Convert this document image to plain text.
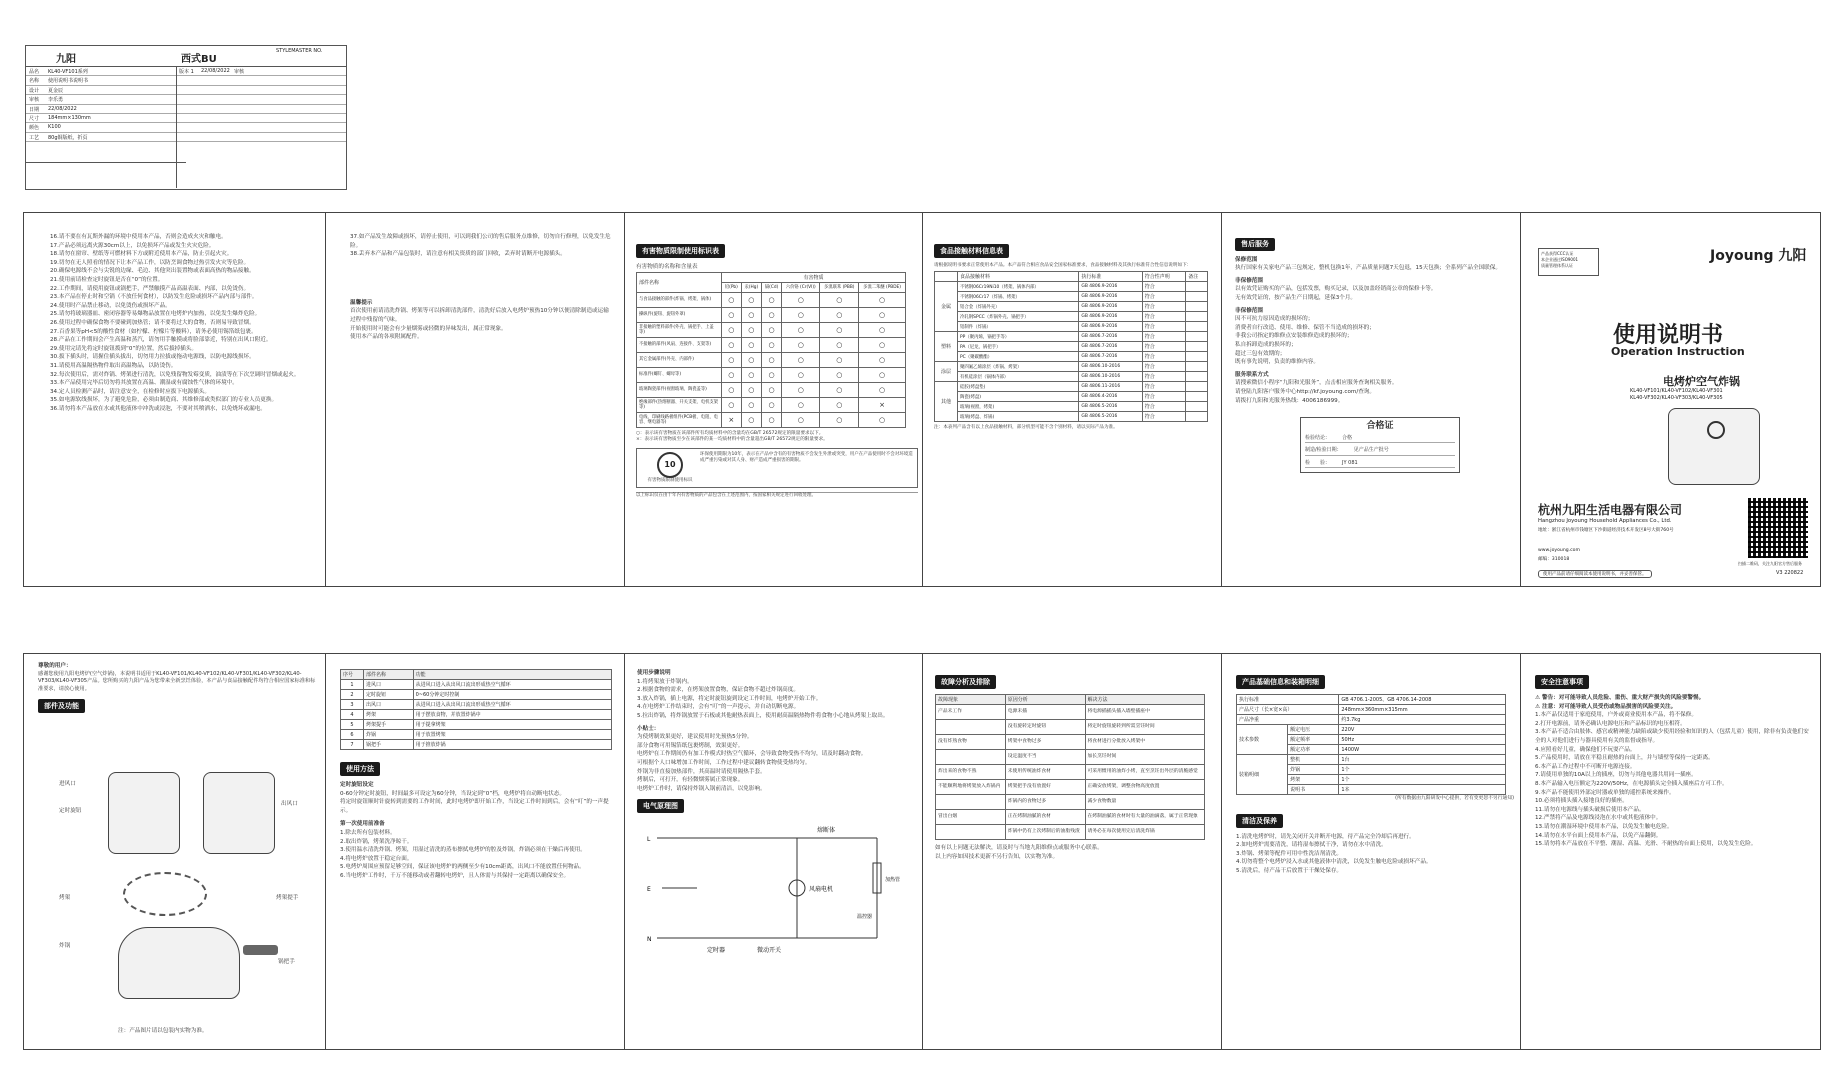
九阳	西式BU
STYLEMASTER NO.
品名 KL40-VF101系列	版本 1 22/08/2022 审核
名称 使用说明书说明书
设计 夏金辰
审核 李乐勇
日期 22/08/2022
尺寸 184mm×130mm
颜色 K100
工艺 80g铜版纸，折页

16.请不要在有瓦斯外漏的环境中使用本产品，否则会造成火灾和触电。

17.产品必须远离火源30cm以上，以免损坏产品或发生火灾危险。

18.请勿在窗帘、壁纸等可燃材料下方或附近使用本产品，防止引起火灾。

19.切勿在无人照看的情况下让本产品工作，以防烹调食物过热引发火灾等危险。

20.确保电源线不会与尖锐的边缘、毛边、其他突出装置物或表面高热的物品接触。

21.使用前请检查定时旋钮是否在“0”的位置。

22.工作期间，请使用旋钮或锅把手，严禁触摸产品高温表面、内部，以免烫伤。

23.本产品在停止时和空锅（不放任何食材），以防发生危险或损坏产品内部与部件。

24.使用时产品禁止移动，以免烫伤或损坏产品。

25.请勿将玻璃器皿、密闭容器等易爆物品放置在电烤炉内加热，以免发生爆炸危险。

26.使用过程中确保食物不要碰到加热管；请不要将过大的食物，否则易导致冒烟。

27.百香果等pH<5的酸性食材（如柠檬、柠檬片等酸料），请务必使用锡箔纸包裹。

28.产品在工作期间会产生高温和蒸汽，请勿用手触摸或将脸部靠近，特别在出风口附近。

29.使用完请先将定时旋钮拨到“0”的位置，然后拔掉插头。

30.拔下插头时，请握住插头拔出，切勿用力拉拔或拖动电源线，以防电源线损坏。

31.请使用高温隔热物件取出高温物品，以防烫伤。

32.每次使用后，需对炸锅、烤架进行清洗，以免残留物发霉变质，油渍等在下次烹调时冒烟或起火。

33.本产品使用完毕后切勿将其放置在高温、潮湿或有腐蚀性气体的环境中。

34.定人员检测产品时，请注意安全，在检修时应拔下电源插头。

35.如电源软线损坏，为了避免危险，必须由制造商、其维修部或类似部门的专业人员更换。

36.请勿将本产品放在水或其他液体中冲洗或浸泡，不要对其喷洒水，以免烧坏或漏电。

37.如产品发生故障或损坏，请停止使用，可以到我们公司的售后服务点维修，切勿自行修理，以免发生危险。

38.丢弃本产品和产品包装时，请注意有相关资质的部门回收，丢弃时请断开电源插头。

温馨提示

首次使用前请清洗炸锅、烤架等可以拆卸清洗部件，清洗好后放入电烤炉预热10分钟以便清除制造或运输过程中残留的气味。

开始使用时可能会有少量烟雾或轻微的异味发出，属正常现象。

使用本产品的各项附属配件。

有害物质限制使用标识表
有害物质的名称和含量表
部件名称	有害物质					
	铅(Pb)	汞(Hg)	镉(Cd)	六价铬 (Cr(VI))	多溴联苯 (PBB)	多溴二苯醚 (PBDE)
与食品接触的部件(炸锅、烤架、锅体)	○	○	○	○	○	○
操纵件(旋钮、旋钮外罩)	○	○	○	○	○	○
非接触的塑料部件(外壳、锅把手、上盖等)	○	○	○	○	○	○
不接触的部件(风扇、连接件、支架等)	○	○	○	○	○	○
其它金属部件(外壳、内部件)	○	○	○	○	○	○
标准件(螺钉、螺母等)	○	○	○	○	○	○
玻璃陶瓷部件(视窗玻璃、陶瓷盖等)	○	○	○	○	○	○
绝缘部件(热熔断器、开关支架、电机支架等)	○	○	○	○	○	×
电线、印刷线路板组件(PCB板、电阻、电容、继电器等)	×	○	○	○	○	○

○：表示该有害物质在该部件所有均质材料中的含量均在GB/T 26572规定的限量要求以下。

×：表示该有害物质至少在该部件的某一均质材料中的含量超出GB/T 26572规定的限量要求。

10
有害物质限制使用标识
环保使用期限为10年，表示在产品中含有的有害物质不会发生外泄或突变，用户在产品使用时不会对环境造成严重污染或对其人身、财产造成严重损害的期限。
以上标识仅在由十年内有害物质的产品包含在上述范围内，按国家相关规定进行回收处理。
食品接触材料信息表
请根据说明书要求正常使用本产品。本产品符合相应食品安全国家标准要求，食品接触材料及其执行标准符合性信息说明如下：
	食品接触材料	执行标准	符合性声明	备注
金属	不锈钢06Cr19Ni10（烤架、锅体内部）	GB 4806.9-2016	符合	
	不锈钢06Cr17（炸锅、烤架）	GB 4806.9-2016	符合	
	铝合金（炸锅外壳）	GB 4806.9-2016	符合	
	冷轧钢SPCC（炸锅外壳、锅把手）	GB 4806.9-2016	符合	
	铝制件（炸锅）	GB 4806.9-2016	符合	
塑料	PP（聚丙烯，锅把手等）	GB 4806.7-2016	符合	
	PA（尼龙，锅把手）	GB 4806.7-2016	符合	
	PC（聚碳酸酯）	GB 4806.7-2016	符合	
涂层	聚四氟乙烯涂层（炸锅、烤架）	GB 4806.10-2016	符合	
	有机硅涂层（锅体内部）	GB 4806.10-2016	符合	
其他	硅胶(烤盘垫)	GB 4806.11-2016	符合	
	陶瓷(烤盘)	GB 4806.4-2016	符合	
	玻璃(视窗，烤架)	GB 4806.5-2016	符合	
	玻璃(烤盘、炸锅)	GB 4806.5-2016	符合	
注：本表列产品含有以上食品接触材料，部分机型可能不含个别材料，请以实际产品为准。
售后服务

保修范围

执行国家有关家电产品三包规定，整机包换1年，产品质量问题7天包退，15天包换；全系列产品全国联保。

非保修范围

以有效凭证购买的产品，包括发票，购买记录，以及加盖经销商公章的保修卡等。

无有效凭证的，按产品生产日期起，延保3个月。

非保修范围

因不可抗力原因造成的损坏的；

消费者自行改造、使用、维修、保管不当造成的损坏的；

非我公司指定的维修点安装维修造成的损坏的；

私自拆卸造成的损坏的；

超过三包有效期的；

既有事先说明，负责的维修内容。

服务联系方式

请搜索微信小程序“九阳和光服务”，点击相应服务查询相关服务。

请登陆九阳客户服务中心http://kf.joyoung.com/查询。

请拨打九阳和光服务热线：4006186999。

合格证
检验结论： 合格
制造/检验日期： 见产品生产批号
检　　验： JY 081
产品获得CCC认证
本企业通过ISO9001
质量管理体系认证
Joyoung 九阳
使用说明书
Operation Instruction
电烤炉空气炸锅
KL40-VF101/KL40-VF102/KL40-VF301
KL40-VF302/KL40-VF303/KL40-VF305
杭州九阳生活电器有限公司
Hangzhou Joyoung Household Appliances Co., Ltd.
地址：浙江省杭州市钱塘区下沙街道经济技术开发区8号大街760号
www.joyoung.com
邮编：310018
使用产品前请仔细阅读本使用说明书，并妥善保管。
扫描二维码，关注九阳官方售后服务
V3 220822
尊敬的用户：
感谢您使用九阳电烤炉(空气炸锅)，本说明书适用于KL40-VF101/KL40-VF102/KL40-VF301/KL40-VF302/KL40-VF303/KL40-VF305产品。您所购买的九阳产品为您带来全新烹饪体验，本产品与食品接触配件均符合相应国家标准和标准要求，请放心使用。
部件及功能
进风口
定时旋钮
出风口
烤架	烤架提手
炸锅
锅把手
注：产品图片请以包装内实物为准。
序号	部件名称	功能
1	进风口	从进风口进入从出风口流出形成热空气循环
2	定时旋钮	0~60分钟定时控制
3	出风口	从进风口进入从出风口流出形成热空气循环
4	烤架	用于摆放食物，并放置炸锅中
5	烤架提手	用于提拿烤架
6	炸锅	用于放置烤架
7	锅把手	用于推放炸锅
使用方法

定时旋钮设定

0-60分钟定时旋钮，时间最多可设定为60分钟，当设定到“0”档，电烤炉将自动断电状态。

将定时旋钮顺时针旋转到需要的工作时间，此时电烤炉即开始工作，当设定工作时间到后，会有“叮”的一声提示。

第一次使用前准备

1.除去所有包装材料。

2.取出炸锅，烤架洗净晾干。

3.使用温水清洗炸锅、烤架，用湿过清洗的蒸布擦拭电烤炉的腔及炸锅，炸锅必须在干燥后再使用。

4.将电烤炉放置于稳定台面。

5.电烤炉周围应预留足够空间，保证该电烤炉的两侧至少有10cm距离，出风口不能放置任何物品。

6.当电烤炉工作时，千万不能移动或者翻转电烤炉，且人体需与其保持一定距离以确保安全。

使用步骤说明

1.将烤架放于炸锅内。

2.根据食物的需求，在烤架放置食物，保证食物不超过炸锅高度。

3.放入炸锅，插上电源，将定时旋钮旋到设定工作时间，电烤炉开始工作。

4.在电烤炉工作结束时，会有“叮”的一声提示，并自动切断电源。

5.拉出炸锅，将炸锅放置于石板或其他耐热表面上，使用耐高温隔热物件将食物小心地从烤架上取出。

小贴士：

为使烤制效果更好，建议使用时先预热5分钟。

部分食物可用锡箔纸包裹烤制，效果更好。

电烤炉在工作期间仍有加工作模式时热空气循环，会导致食物受热不均匀，请及时翻动食物。

可根据个人口味增加工作时间，工作过程中建议翻转食物使受热均匀。

炸锅为非直接加热部件，其高温时请使用隔热手套。

烤制后，可打开，有轻微烟雾属正常现象。

电烤炉工作时，请保持炸锅入锅前清洁，以免影响。

电气原理图
L
E
N
熔断体
风扇电机
加热管
温控器
定时器	微动开关
故障分析及排除
故障现象	原因分析	解决方法
产品未工作	电源未插	将电源插插头插入墙壁插座中
	没有旋转定时旋钮	将定时旋钮旋转到所需烹饪时间
没有炸熟食物	烤架中食物过多	将食材进行分批放入烤架中
	设定温度不当	加长烹饪时间
炸出来的食物不熟	未使用传统油炸食材	可采用惯用的油炸小烤，直至烹饪出外层的清脆感觉
不能顺利地将烤架放入炸锅内	烤架把手没有放置好	正确安放烤架，调整食物高度放置
	炸锅内的食物过多	减少食物数量
冒出白烟	正在烤制油腻的食材	在烤制油腻的食材时有大量的油滴落，属于正常现象
	炸锅中仍有上次烤制后的油脂残渣	请务必在每次使用完后清洗炸锅

如有以上问题无法解决，请及时与当地九阳维修点或服务中心联系。

以上内容如因技术更新不另行告知，以实物为准。

产品基础信息和装箱明细
执行标准		GB 4706.1-2005、GB 4706.14-2008
产品尺寸（长×宽×高）		248mm×360mm×315mm
产品净重		约3.7kg
技术参数	额定电压	220V
	额定频率	50Hz
	额定功率	1400W
装箱明细	整机	1台
	炸锅	1个
	烤架	1个
	说明书	1本
(所有数据由九阳研发中心提供，若有变更恕不另行通知)
清洁及保养

1.清洗电烤炉时，请先关闭开关并断开电源，待产品完全冷却后再进行。

2.如电烤炉需要清洗，请将湿布擦拭干净，请勿在水中清洗。

3.炸锅、烤架等配件可用中性洗洁剂清洗。

4.切勿将整个电烤炉浸入水或其他液体中清洗，以免发生触电危险或损坏产品。

5.清洗后，待产品干后放置于干燥处保存。

安全注意事项
⚠ 警告：对可能导致人员危险、重伤、重大财产损失的风险要警惕。
⚠ 注意：对可能导致人员受伤或物品损害的风险要关注。

1.本产品仅适用于家庭使用，户外或商业使用本产品，将不保修。

2.打开电源前，请务必确认电源电压和产品标识的电压相符。

3.本产品不适合由肢体、感官或精神能力缺陷或缺少使用经验和知识的人（包括儿童）使用，除非有负责他们安全的人对他们进行与器具使用有关的监督或指导。

4.应照看好儿童，确保他们不玩耍产品。

5.产品使用时，请放在平稳且耐热的台面上，并与墙壁等保持一定距离。

6.本产品工作过程中不可断开电源连接。

7.请使用单独的10A以上的插座，切勿与其他电器共用同一插座。

8.本产品输入电压额定为220V/50Hz，在电源插头完全插入插座后方可工作。

9.本产品不能使用外部定时器或单独的遥控系统来操作。

10.必须将插头插入接地良好的插座。

11.请勿在电源线与插头破损后使用本产品。

12.严禁将产品及电源线浸泡在水中或其他液体中。

13.请勿在潮湿环境中使用本产品，以免发生触电危险。

14.请勿在水平台面上使用本产品，以免产品翻倒。

15.请勿将本产品放在不平整、潮湿、高温、光滑、不耐热的台面上使用，以免发生危险。
